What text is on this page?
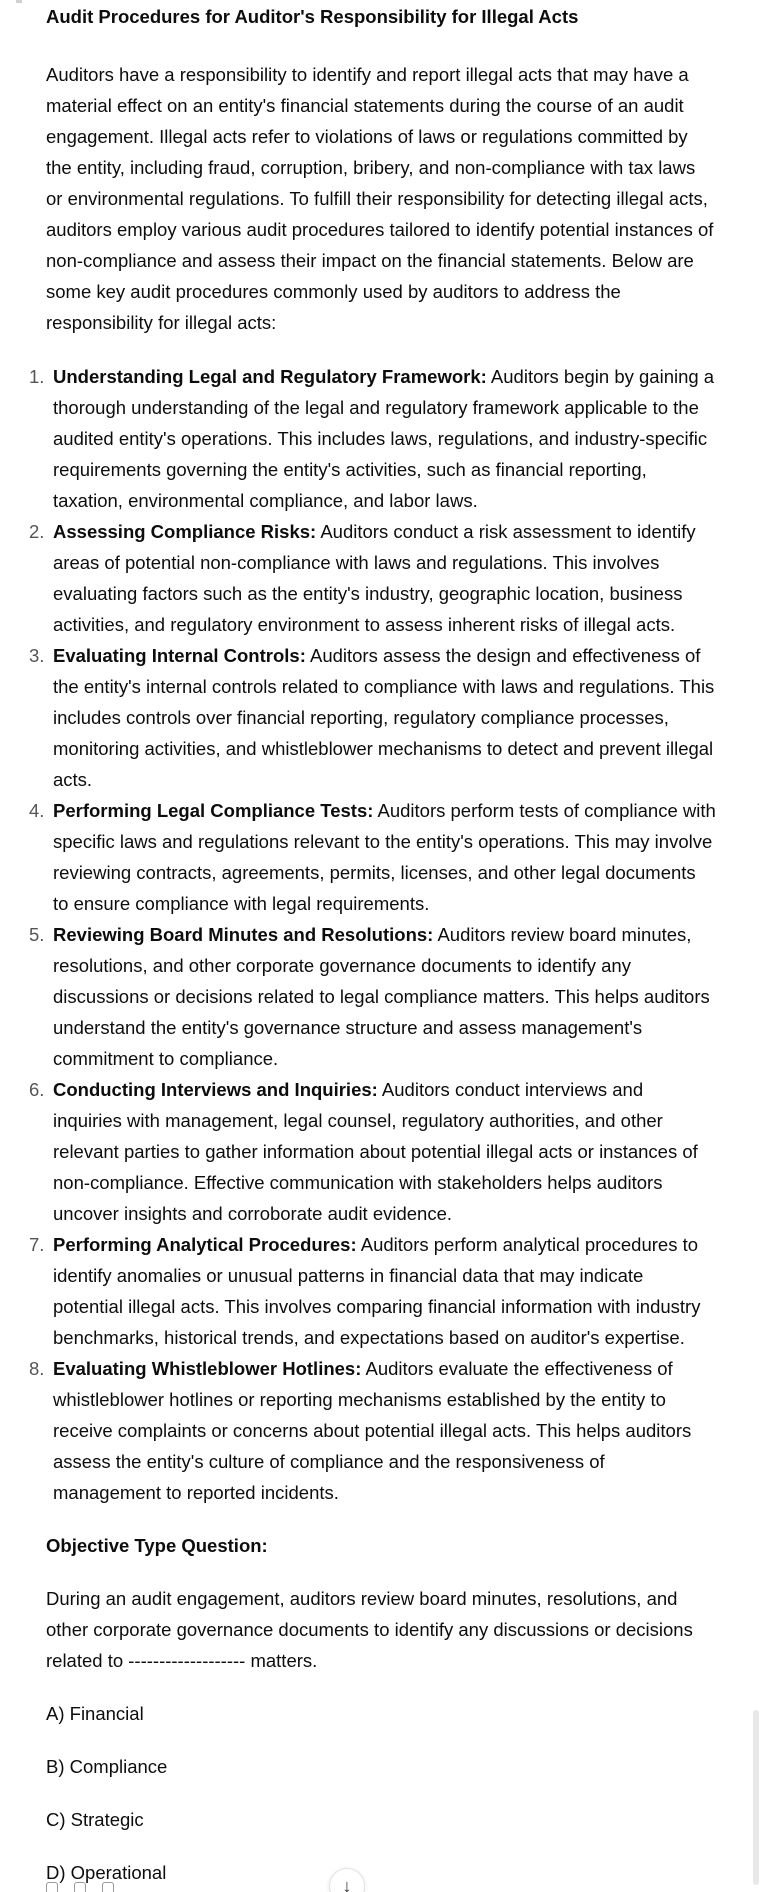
Audit Procedures for Auditor's Responsibility for Illegal Acts

Auditors have a responsibility to identify and report illegal acts that may have a material effect on an entity's financial statements during the course of an audit engagement. Illegal acts refer to violations of laws or regulations committed by the entity, including fraud, corruption, bribery, and non-compliance with tax laws or environmental regulations. To fulfill their responsibility for detecting illegal acts, auditors employ various audit procedures tailored to identify potential instances of non-compliance and assess their impact on the financial statements. Below are some key audit procedures commonly used by auditors to address the responsibility for illegal acts:

1. Understanding Legal and Regulatory Framework: Auditors begin by gaining a thorough understanding of the legal and regulatory framework applicable to the audited entity's operations. This includes laws, regulations, and industry-specific requirements governing the entity's activities, such as financial reporting, taxation, environmental compliance, and labor laws.
2. Assessing Compliance Risks: Auditors conduct a risk assessment to identify areas of potential non-compliance with laws and regulations. This involves evaluating factors such as the entity's industry, geographic location, business activities, and regulatory environment to assess inherent risks of illegal acts.
3. Evaluating Internal Controls: Auditors assess the design and effectiveness of the entity's internal controls related to compliance with laws and regulations. This includes controls over financial reporting, regulatory compliance processes, monitoring activities, and whistleblower mechanisms to detect and prevent illegal acts.
4. Performing Legal Compliance Tests: Auditors perform tests of compliance with specific laws and regulations relevant to the entity's operations. This may involve reviewing contracts, agreements, permits, licenses, and other legal documents to ensure compliance with legal requirements.
5. Reviewing Board Minutes and Resolutions: Auditors review board minutes, resolutions, and other corporate governance documents to identify any discussions or decisions related to legal compliance matters. This helps auditors understand the entity's governance structure and assess management's commitment to compliance.
6. Conducting Interviews and Inquiries: Auditors conduct interviews and inquiries with management, legal counsel, regulatory authorities, and other relevant parties to gather information about potential illegal acts or instances of non-compliance. Effective communication with stakeholders helps auditors uncover insights and corroborate audit evidence.
7. Performing Analytical Procedures: Auditors perform analytical procedures to identify anomalies or unusual patterns in financial data that may indicate potential illegal acts. This involves comparing financial information with industry benchmarks, historical trends, and expectations based on auditor's expertise.
8. Evaluating Whistleblower Hotlines: Auditors evaluate the effectiveness of whistleblower hotlines or reporting mechanisms established by the entity to receive complaints or concerns about potential illegal acts. This helps auditors assess the entity's culture of compliance and the responsiveness of management to reported incidents.

Objective Type Question:

During an audit engagement, auditors review board minutes, resolutions, and other corporate governance documents to identify any discussions or decisions related to ------------------- matters.

A) Financial

B) Compliance

C) Strategic

D) Operational

↓
